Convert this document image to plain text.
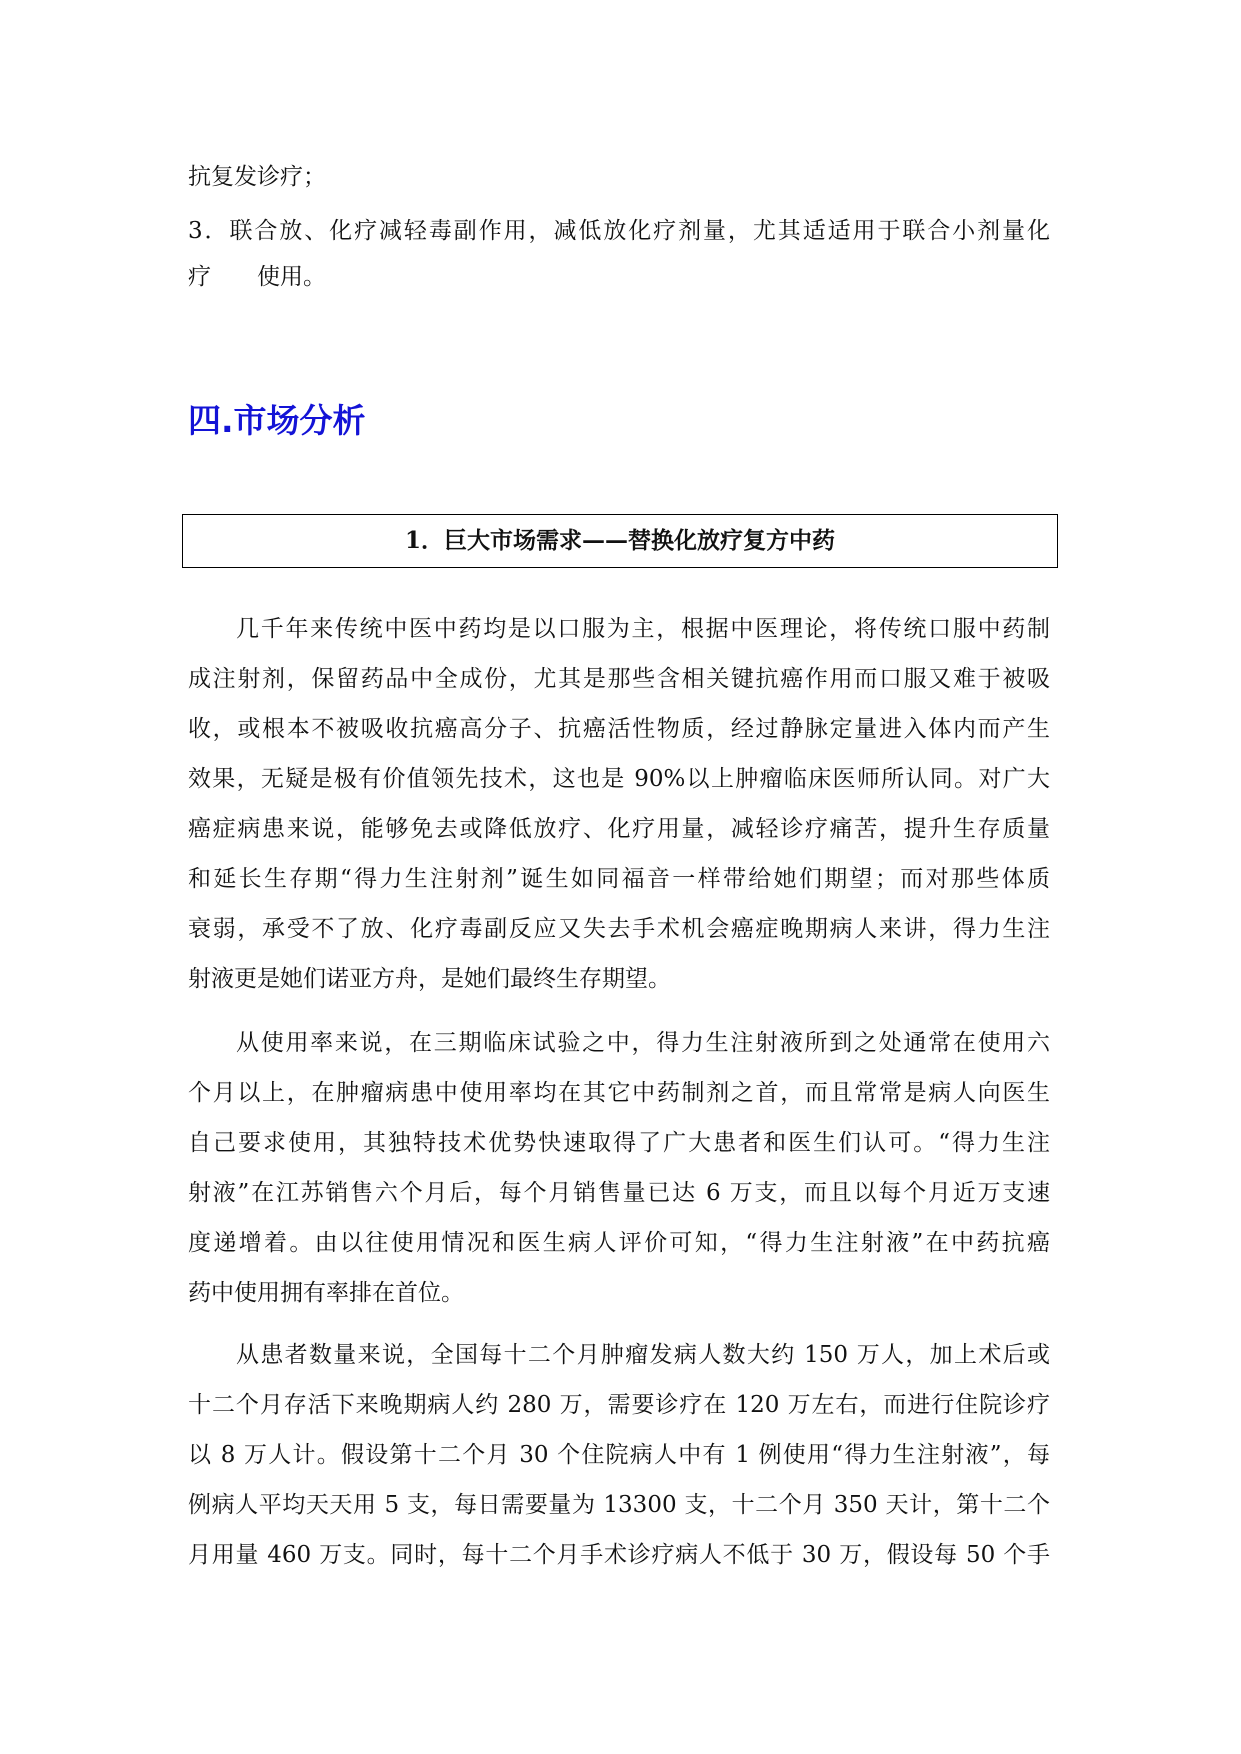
抗复发诊疗；
3．联合放、化疗减轻毒副作用，减低放化疗剂量，尤其适适用于联合小剂量化
疗　　使用。
四.市场分析
1．巨大市场需求——替换化放疗复方中药
几千年来传统中医中药均是以口服为主，根据中医理论，将传统口服中药制
成注射剂，保留药品中全成份，尤其是那些含相关键抗癌作用而口服又难于被吸
收，或根本不被吸收抗癌高分子、抗癌活性物质，经过静脉定量进入体内而产生
效果，无疑是极有价值领先技术，这也是 90%以上肿瘤临床医师所认同。对广大
癌症病患来说，能够免去或降低放疗、化疗用量，减轻诊疗痛苦，提升生存质量
和延长生存期“得力生注射剂”诞生如同福音一样带给她们期望；而对那些体质
衰弱，承受不了放、化疗毒副反应又失去手术机会癌症晚期病人来讲，得力生注
射液更是她们诺亚方舟，是她们最终生存期望。
从使用率来说，在三期临床试验之中，得力生注射液所到之处通常在使用六
个月以上，在肿瘤病患中使用率均在其它中药制剂之首，而且常常是病人向医生
自己要求使用，其独特技术优势快速取得了广大患者和医生们认可。“得力生注
射液”在江苏销售六个月后，每个月销售量已达 6 万支，而且以每个月近万支速
度递增着。由以往使用情况和医生病人评价可知，“得力生注射液”在中药抗癌
药中使用拥有率排在首位。
从患者数量来说，全国每十二个月肿瘤发病人数大约 150 万人，加上术后或
十二个月存活下来晚期病人约 280 万，需要诊疗在 120 万左右，而进行住院诊疗
以 8 万人计。假设第十二个月 30 个住院病人中有 1 例使用“得力生注射液”，每
例病人平均天天用 5 支，每日需要量为 13300 支，十二个月 350 天计，第十二个
月用量 460 万支。同时，每十二个月手术诊疗病人不低于 30 万，假设每 50 个手
